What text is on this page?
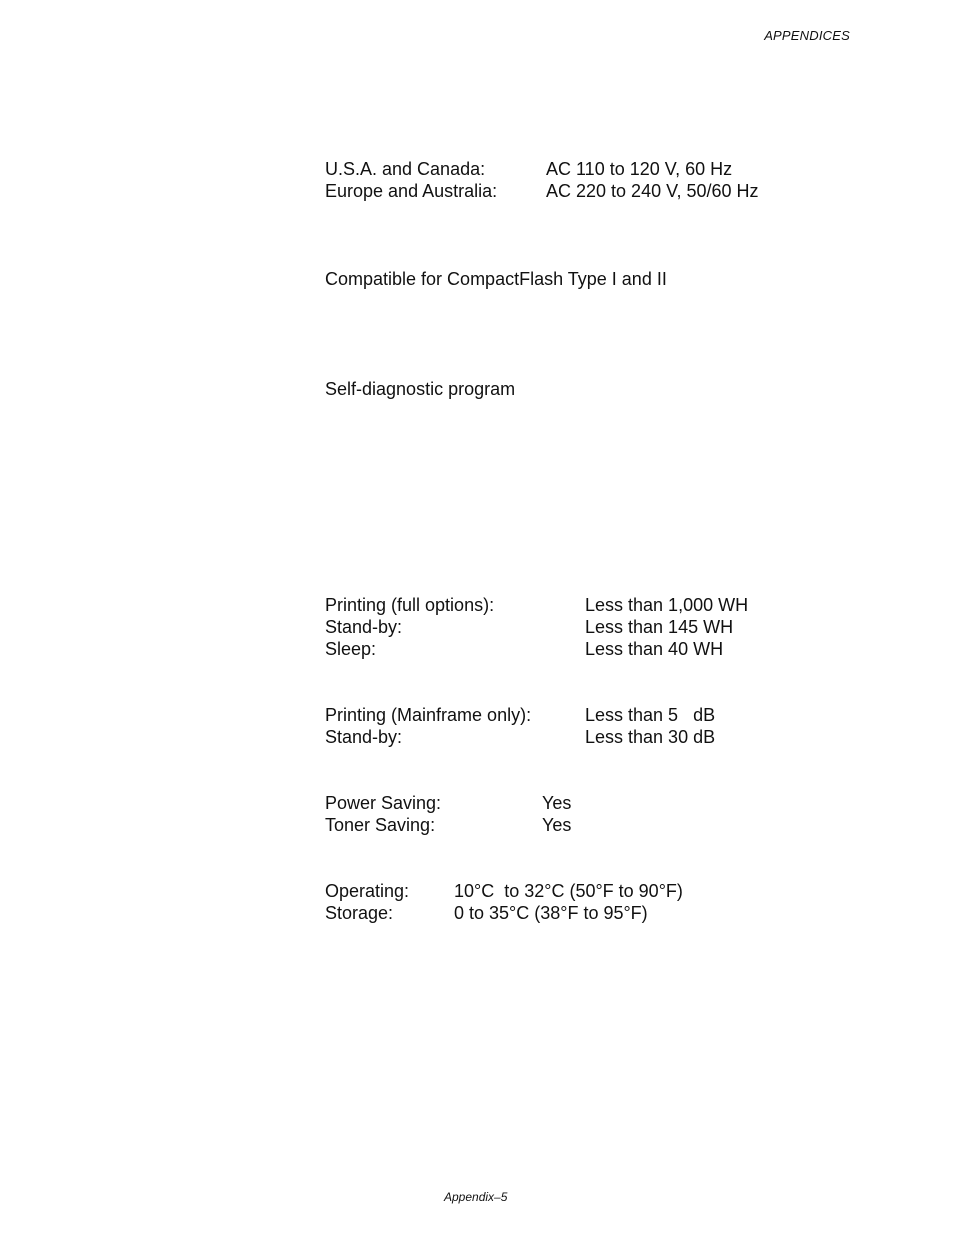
APPENDICES

U.S.A. and Canada:

	AC 110 to 120 V, 60 Hz

Europe and Australia:

	AC 220 to 240 V, 50/60 Hz

Compatible for CompactFlash Type I and II
Self-diagnostic program

Printing (full options):

	Less than 1,000 WH

Stand-by:

	Less than 145 WH

Sleep:

	Less than 40 WH

Printing (Mainframe only):

	Less than 5   dB

Stand-by:

	Less than 30 dB

Power Saving:

	Yes

Toner Saving:

	Yes

Operating:

10°C  to 32°C (50°F to 90°F)

Storage:

	0 to 35°C (38°F to 95°F)

Appendix–5
